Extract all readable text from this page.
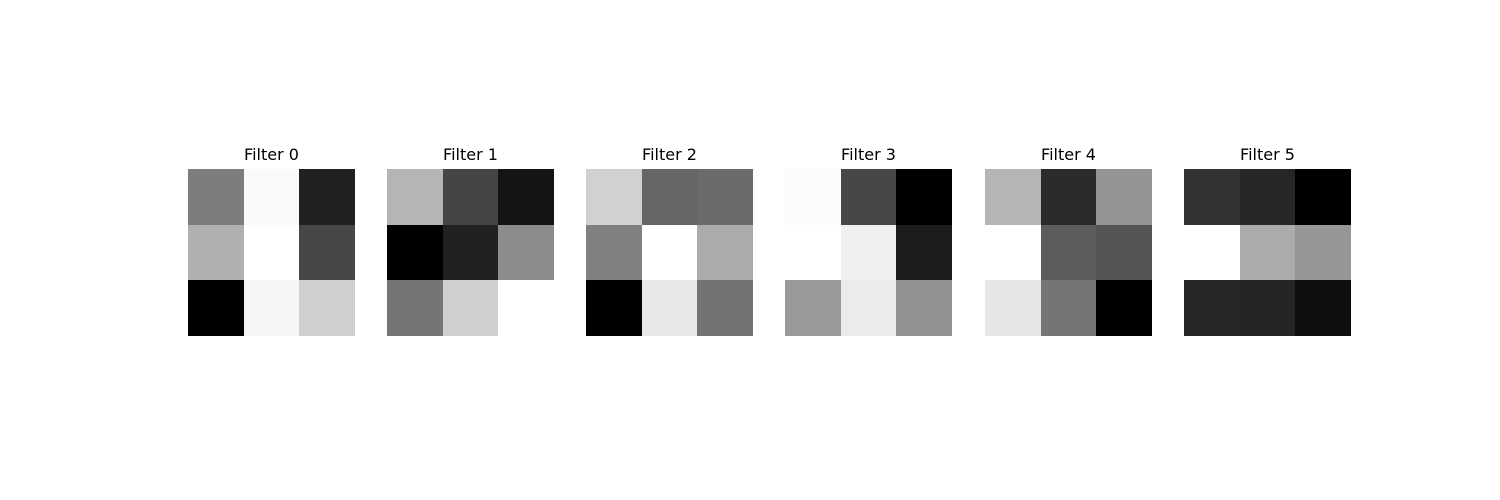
Filter 0	Filter 1	Filter 2	Filter 3	Filter 4	Filter 5
